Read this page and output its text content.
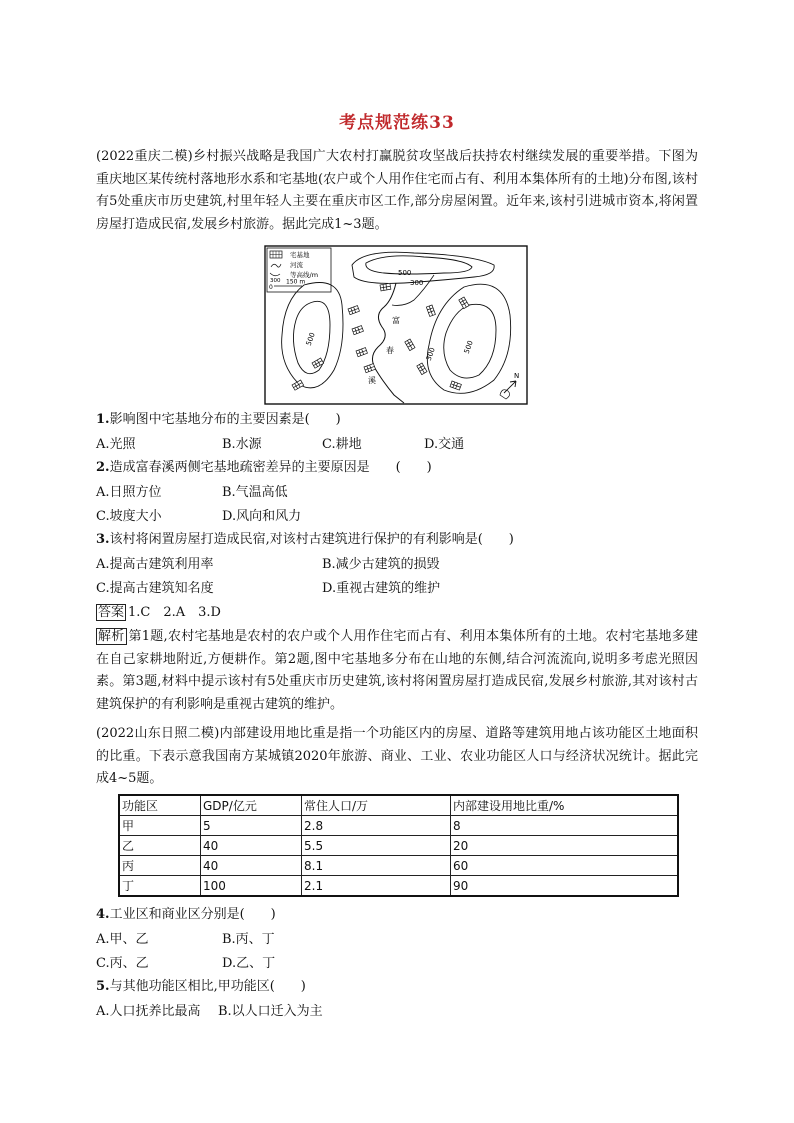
考点规范练33
(2022重庆二模)乡村振兴战略是我国广大农村打赢脱贫攻坚战后扶持农村继续发展的重要举措。下图为重庆地区某传统村落地形水系和宅基地(农户或个人用作住宅而占有、利用本集体所有的土地)分布图,该村有5处重庆市历史建筑,村里年轻人主要在重庆市区工作,部分房屋闲置。近年来,该村引进城市资本,将闲置房屋打造成民宿,发展乡村旅游。据此完成1~3题。
宅基地
河流
300
等高线/m
0
150 m
500
300
500
500
300
富
春
溪	N
1.影响图中宅基地分布的主要因素是(　　)
A.光照	B.水源	C.耕地	D.交通
2.造成富春溪两侧宅基地疏密差异的主要原因是　　(　　)
A.日照方位	B.气温高低
C.坡度大小	D.风向和风力
3.该村将闲置房屋打造成民宿,对该村古建筑进行保护的有利影响是(　　)
A.提高古建筑利用率	B.减少古建筑的损毁
C.提高古建筑知名度	D.重视古建筑的维护
答案 1.C　2.A　3.D
解析 第1题,农村宅基地是农村的农户或个人用作住宅而占有、利用本集体所有的土地。农村宅基地多建在自己家耕地附近,方便耕作。第2题,图中宅基地多分布在山地的东侧,结合河流流向,说明多考虑光照因素。第3题,材料中提示该村有5处重庆市历史建筑,该村将闲置房屋打造成民宿,发展乡村旅游,其对该村古建筑保护的有利影响是重视古建筑的维护。
(2022山东日照二模)内部建设用地比重是指一个功能区内的房屋、道路等建筑用地占该功能区土地面积的比重。下表示意我国南方某城镇2020年旅游、商业、工业、农业功能区人口与经济状况统计。据此完成4~5题。
功能区	GDP/亿元	常住人口/万	内部建设用地比重/%
甲	5	2.8	8
乙	40	5.5	20
丙	40	8.1	60
丁	100	2.1	90
4.工业区和商业区分别是(　　)
A.甲、乙	B.丙、丁
C.丙、乙	D.乙、丁
5.与其他功能区相比,甲功能区(　　)
A.人口抚养比最高 B.以人口迁入为主
